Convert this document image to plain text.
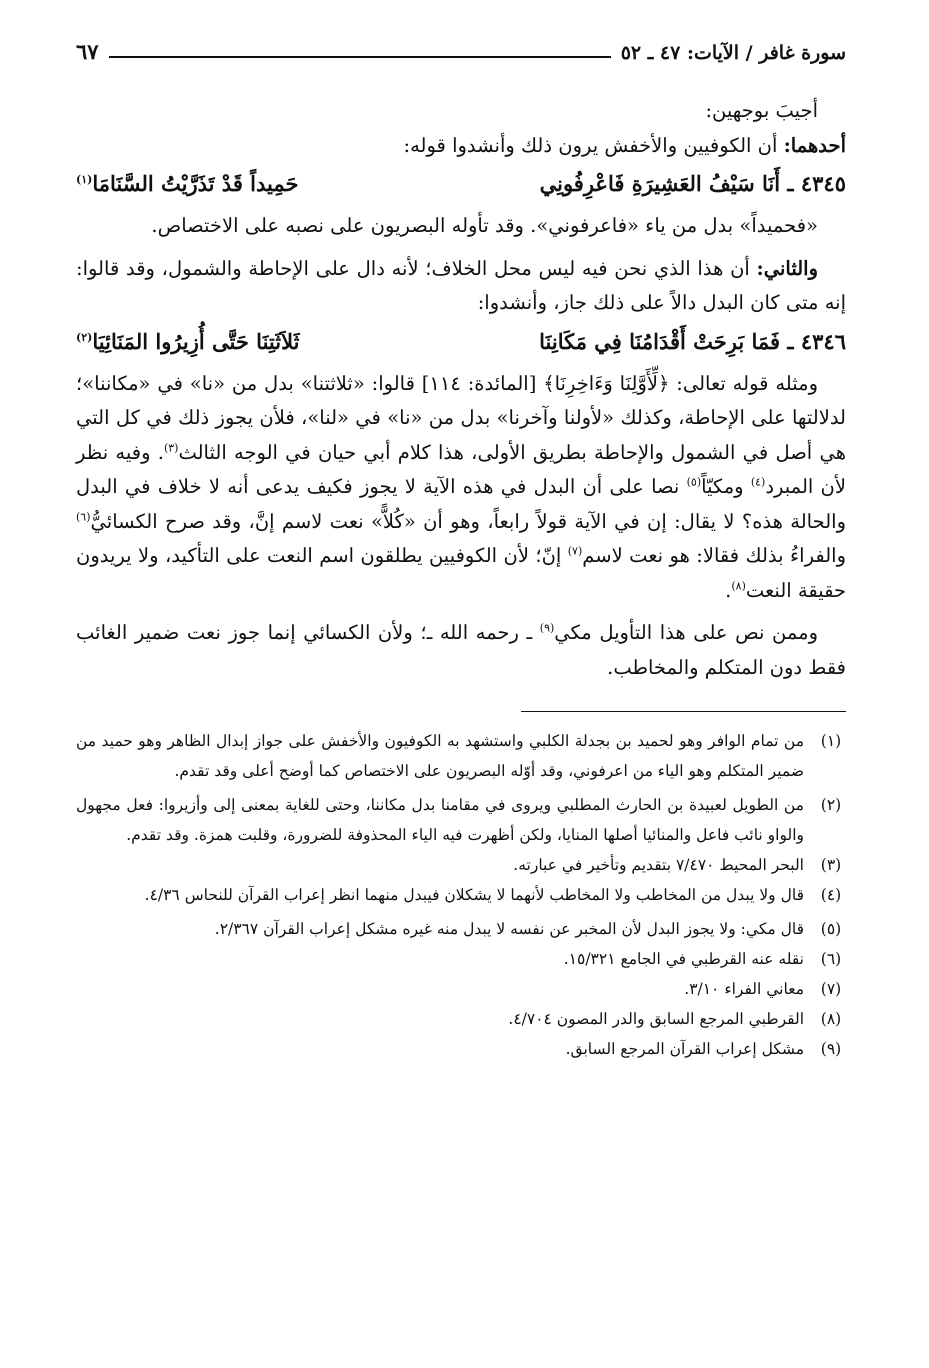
سورة غافر / الآيات: ٤٧ ـ ٥٢
٦٧

أجيبَ بوجهين:

أحدهما: أن الكوفيين والأخفش يرون ذلك وأنشدوا قوله:

٤٣٤٥ ـ أَنَا سَيْفُ العَشِيرَةِ فَاعْرِفُونِي
حَمِيداً قَدْ تَذَرَّيْتُ السَّنَامَا$^{(١)}$

«فحميداً» بدل من ياء «فاعرفوني». وقد تأوله البصريون على نصبه على الاختصاص.

والثاني: أن هذا الذي نحن فيه ليس محل الخلاف؛ لأنه دال على الإحاطة والشمول، وقد قالوا: إنه متى كان البدل دالاً على ذلك جاز، وأنشدوا:

٤٣٤٦ ـ فَمَا بَرِحَتْ أَقْدَامُنَا فِي مَكَانِنَا
ثَلاَثَتِنَا حَتَّى أُزِيرُوا المَنَائِيَا$^{(٢)}$

ومثله قوله تعالى: ﴿لِّأَوَّلِنَا وَءَاخِرِنَا﴾ [المائدة: ١١٤] قالوا: «ثلاثتنا» بدل من «نا» في «مكاننا»؛ لدلالتها على الإحاطة، وكذلك «لأولنا وآخرنا» بدل من «نا» في «لنا»، فلأن يجوز ذلك في كل التي هي أصل في الشمول والإحاطة بطريق الأولى، هذا كلام أبي حيان في الوجه الثالث$^{(٣)}$. وفيه نظر لأن المبرد$^{(٤)}$ ومكيّاً$^{(٥)}$ نصا على أن البدل في هذه الآية لا يجوز فكيف يدعى أنه لا خلاف في البدل والحالة هذه؟ لا يقال: إن في الآية قولاً رابعاً، وهو أن «كُلاًّ» نعت لاسم إنَّ، وقد صرح الكسائيُّ$^{(٦)}$ والفراءُ بذلك فقالا: هو نعت لاسم$^{(٧)}$ إنّ؛ لأن الكوفيين يطلقون اسم النعت على التأكيد، ولا يريدون حقيقة النعت$^{(٨)}$.

وممن نص على هذا التأويل مكي$^{(٩)}$ ـ رحمه الله ـ؛ ولأن الكسائي إنما جوز نعت ضمير الغائب فقط دون المتكلم والمخاطب.

(١)
من تمام الوافر وهو لحميد بن بجدلة الكلبي واستشهد به الكوفيون والأخفش على جواز إبدال الظاهر وهو حميد من ضمير المتكلم وهو الياء من اعرفوني، وقد أوّله البصريون على الاختصاص كما أوضح أعلى وقد تقدم.
(٢)
من الطويل لعبيدة بن الحارث المطلبي ويروى في مقامنا بدل مكاننا، وحتى للغاية بمعنى إلى وأزيروا: فعل مجهول والواو نائب فاعل والمنائيا أصلها المنايا، ولكن أظهرت فيه الياء المحذوفة للضرورة، وقلبت همزة. وقد تقدم.
(٣)
البحر المحيط ٧/٤٧٠ بتقديم وتأخير في عبارته.
(٤)
قال ولا يبدل من المخاطب ولا المخاطب لأنهما لا يشكلان فيبدل منهما انظر إعراب القرآن للنحاس ٤/٣٦.
(٥)
قال مكي: ولا يجوز البدل لأن المخبر عن نفسه لا يبدل منه غيره مشكل إعراب القرآن ٢/٣٦٧.
(٦)
نقله عنه القرطبي في الجامع ١٥/٣٢١.
(٧)
معاني الفراء ٣/١٠.
(٨)
القرطبي المرجع السابق والدر المصون ٤/٧٠٤.
(٩)
مشكل إعراب القرآن المرجع السابق.
